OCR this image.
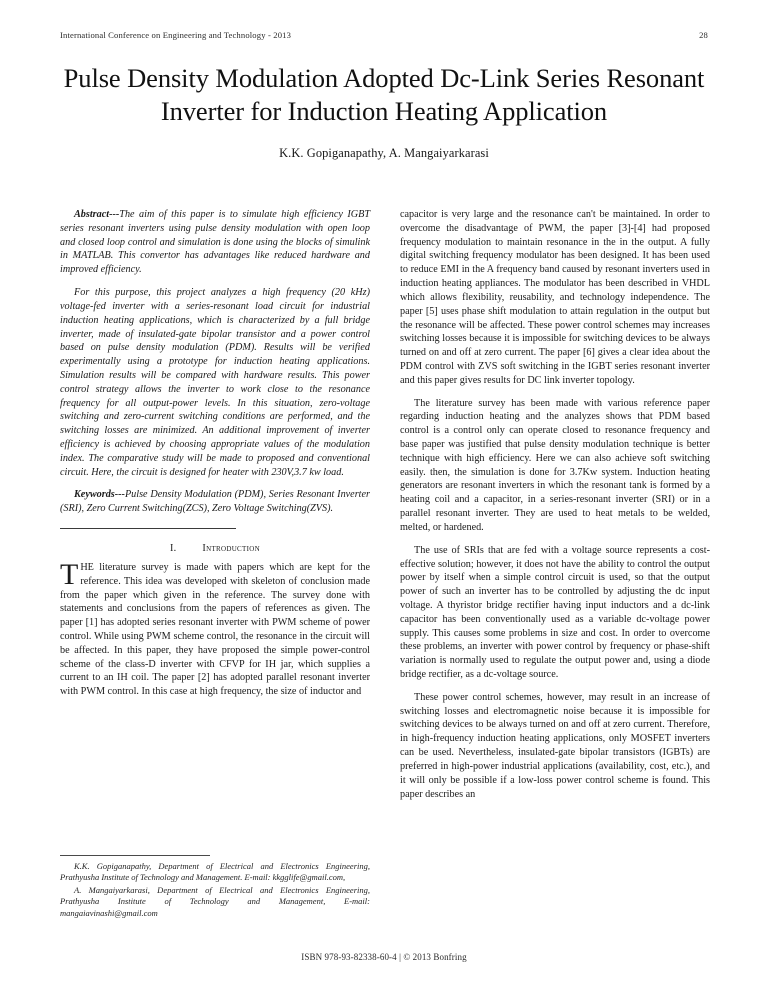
International Conference on Engineering and Technology - 2013	28
Pulse Density Modulation Adopted Dc-Link Series Resonant Inverter for Induction Heating Application
K.K. Gopiganapathy, A. Mangaiyarkarasi

Abstract---The aim of this paper is to simulate high efficiency IGBT series resonant inverters using pulse density modulation with open loop and closed loop control and simulation is done using the blocks of simulink in MATLAB. This convertor has advantages like reduced hardware and improved efficiency.

For this purpose, this project analyzes a high frequency (20 kHz) voltage-fed inverter with a series-resonant load circuit for industrial induction heating applications, which is characterized by a full bridge inverter, made of insulated-gate bipolar transistor and a power control based on pulse density modulation (PDM). Results will be verified experimentally using a prototype for induction heating applications. Simulation results will be compared with hardware results. This power control strategy allows the inverter to work close to the resonance frequency for all output-power levels. In this situation, zero-voltage switching and zero-current switching conditions are performed, and the switching losses are minimized. An additional improvement of inverter efficiency is achieved by choosing appropriate values of the modulation index. The comparative study will be made to proposed and conventional circuit. Here, the circuit is designed for heater with 230V,3.7 kw load.

Keywords---Pulse Density Modulation (PDM), Series Resonant Inverter (SRI), Zero Current Switching(ZCS), Zero Voltage Switching(ZVS).

I.	Introduction

THE literature survey is made with papers which are kept for the reference. This idea was developed with skeleton of conclusion made from the paper which given in the reference. The survey done with statements and conclusions from the papers of references as given. The paper [1] has adopted series resonant inverter with PWM scheme of power control. While using PWM scheme control, the resonance in the circuit will be affected. In this paper, they have proposed the simple power-control scheme of the class-D inverter with CFVP for IH jar, which supplies a current to an IH coil. The paper [2] has adopted parallel resonant inverter with PWM control. In this case at high frequency, the size of inductor and

capacitor is very large and the resonance can't be maintained. In order to overcome the disadvantage of PWM, the paper [3]-[4] had proposed frequency modulation to maintain resonance in the in the output. A fully digital switching frequency modulator has been designed. It has been used to reduce EMI in the A frequency band caused by resonant inverters used in induction heating appliances. The modulator has been described in VHDL which allows flexibility, reusability, and technology independence. The paper [5] uses phase shift modulation to attain regulation in the output but the resonance will be affected. These power control schemes may increases switching losses because it is impossible for switching devices to be always turned on and off at zero current. The paper [6] gives a clear idea about the PDM control with ZVS soft switching in the IGBT series resonant inverter and this paper gives results for DC link inverter topology.

The literature survey has been made with various reference paper regarding induction heating and the analyzes shows that PDM based control is a control only can operate closed to resonance frequency and base paper was justified that pulse density modulation technique is better technique with high efficiency. Here we can also achieve soft switching easily. then, the simulation is done for 3.7Kw system. Induction heating generators are resonant inverters in which the resonant tank is formed by a heating coil and a capacitor, in a series-resonant inverter (SRI) or in a parallel resonant inverter. They are used to heat metals to be welded, melted, or hardened.

The use of SRIs that are fed with a voltage source represents a cost-effective solution; however, it does not have the ability to control the output power by itself when a simple control circuit is used, so that the output power of such an inverter has to be controlled by adjusting the dc input voltage. A thyristor bridge rectifier having input inductors and a dc-link capacitor has been conventionally used as a variable dc-voltage power supply. This causes some problems in size and cost. In order to overcome these problems, an inverter with power control by frequency or phase-shift variation is normally used to regulate the output power and, using a diode bridge rectifier, as a dc-voltage source.

These power control schemes, however, may result in an increase of switching losses and electromagnetic noise because it is impossible for switching devices to be always turned on and off at zero current. Therefore, in high-frequency induction heating applications, only MOSFET inverters can be used. Nevertheless, insulated-gate bipolar transistors (IGBTs) are preferred in high-power industrial applications (availability, cost, etc.), and it will only be possible if a low-loss power control scheme is found. This paper describes an

K.K. Gopiganapathy, Department of Electrical and Electronics Engineering, Prathyusha Institute of Technology and Management. E-mail: kkgglife@gmail.com,

A. Mangaiyarkarasi, Department of Electrical and Electronics Engineering, Prathyusha Institute of Technology and Management, E-mail: mangaiavinashi@gmail.com

ISBN 978-93-82338-60-4 | © 2013 Bonfring
